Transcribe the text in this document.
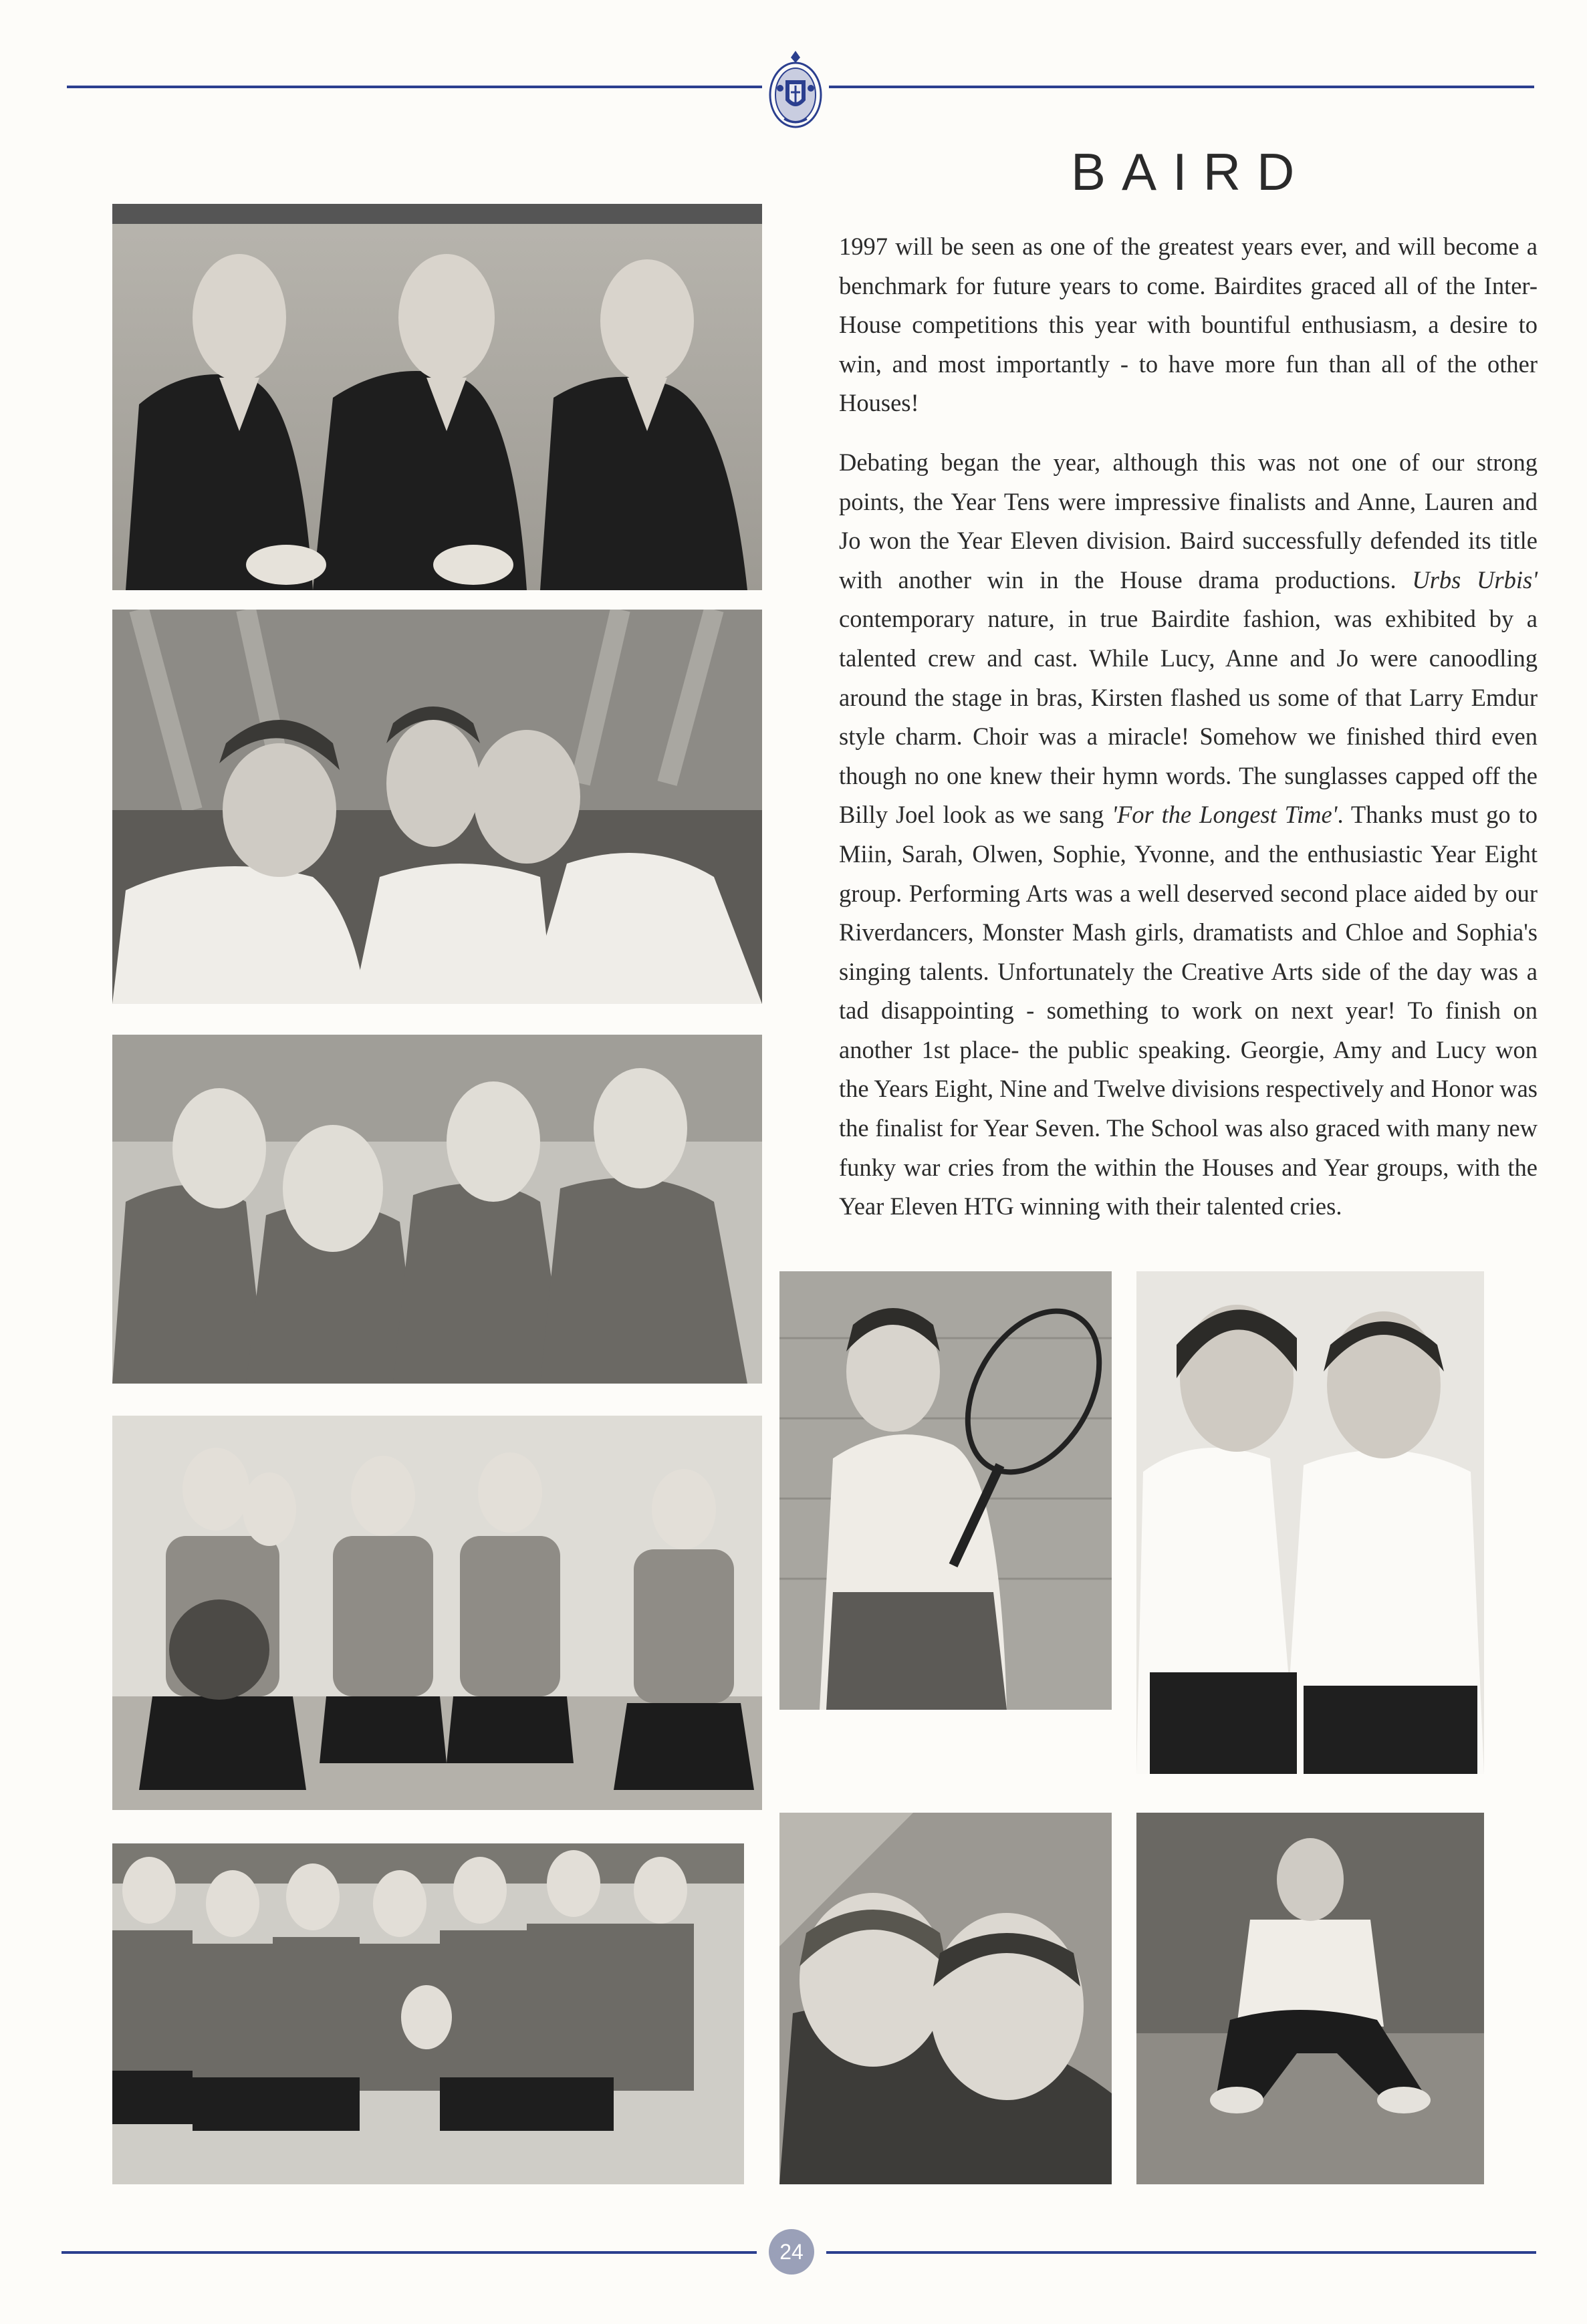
BAIRD

1997 will be seen as one of the greatest years ever, and will become a benchmark for future years to come. Bairdites graced all of the Inter-House competitions this year with bountiful enthusiasm, a desire to win, and most importantly - to have more fun than all of the other Houses!

Debating began the year, although this was not one of our strong points, the Year Tens were impressive finalists and Anne, Lauren and Jo won the Year Eleven division. Baird successfully defended its title with another win in the House drama productions. Urbs Urbis' contemporary nature, in true Bairdite fashion, was exhibited by a talented crew and cast. While Lucy, Anne and Jo were canoodling around the stage in bras, Kirsten flashed us some of that Larry Emdur style charm. Choir was a miracle! Somehow we finished third even though no one knew their hymn words. The sunglasses capped off the Billy Joel look as we sang 'For the Longest Time'. Thanks must go to Miin, Sarah, Olwen, Sophie, Yvonne, and the enthusiastic Year Eight group. Performing Arts was a well deserved second place aided by our Riverdancers, Monster Mash girls, dramatists and Chloe and Sophia's singing talents. Unfortunately the Creative Arts side of the day was a tad disappointing - something to work on next year! To finish on another 1st place- the public speaking. Georgie, Amy and Lucy won the Years Eight, Nine and Twelve divisions respectively and Honor was the finalist for Year Seven. The School was also graced with many new funky war cries from the within the Houses and Year groups, with the Year Eleven HTG winning with their talented cries.

24
